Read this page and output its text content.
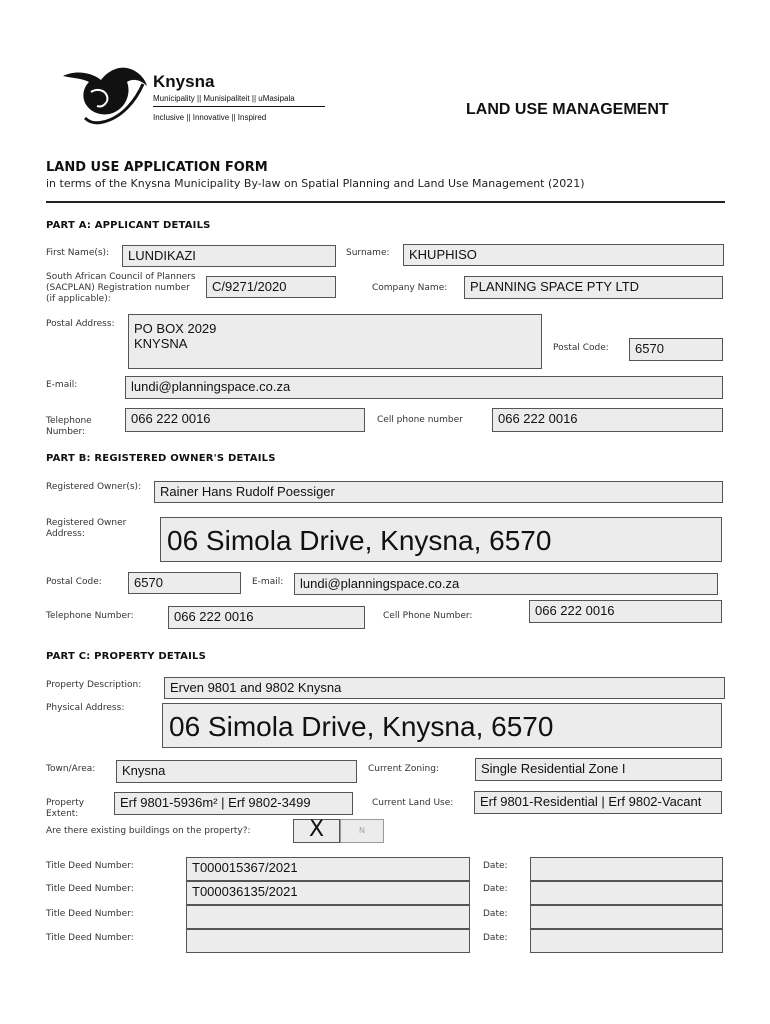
Knysna
Municipality || Munisipaliteit || uMasipala
Inclusive || Innovative || Inspired	LAND USE MANAGEMENT
LAND USE APPLICATION FORM
in terms of the Knysna Municipality By-law on Spatial Planning and Land Use Management (2021)
PART A: APPLICANT DETAILS
First Name(s):	LUNDIKAZI	Surname:	KHUPHISO
South African Council of Planners
(SACPLAN) Registration number
(if applicable):
C/9271/2020	Company Name:	PLANNING SPACE PTY LTD
Postal Address: PO BOX 2029
KNYSNA	Postal Code:	6570
E-mail:	lundi@planningspace.co.za
Telephone
Number:
066 222 0016	Cell phone number	066 222 0016
PART B: REGISTERED OWNER'S DETAILS
Registered Owner(s):	Rainer Hans Rudolf Poessiger
Registered Owner
Address:	06 Simola Drive, Knysna, 6570
Postal Code:	6570	E-mail:	lundi@planningspace.co.za
Telephone Number:	066 222 0016	Cell Phone Number:	066 222 0016
PART C: PROPERTY DETAILS
Property Description:	Erven 9801 and 9802 Knysna
Physical Address:
06 Simola Drive, Knysna, 6570
Town/Area:	Knysna	Current Zoning:	Single Residential Zone I
Property
Extent:
Erf 9801-5936m² | Erf 9802-3499	Current Land Use:	Erf 9801-Residential | Erf 9802-Vacant
Are there existing buildings on the property?:	X	N
Title Deed Number:	T000015367/2021	Date:
Title Deed Number:	T000036135/2021	Date:
Title Deed Number:	Date:
Title Deed Number:	Date:
